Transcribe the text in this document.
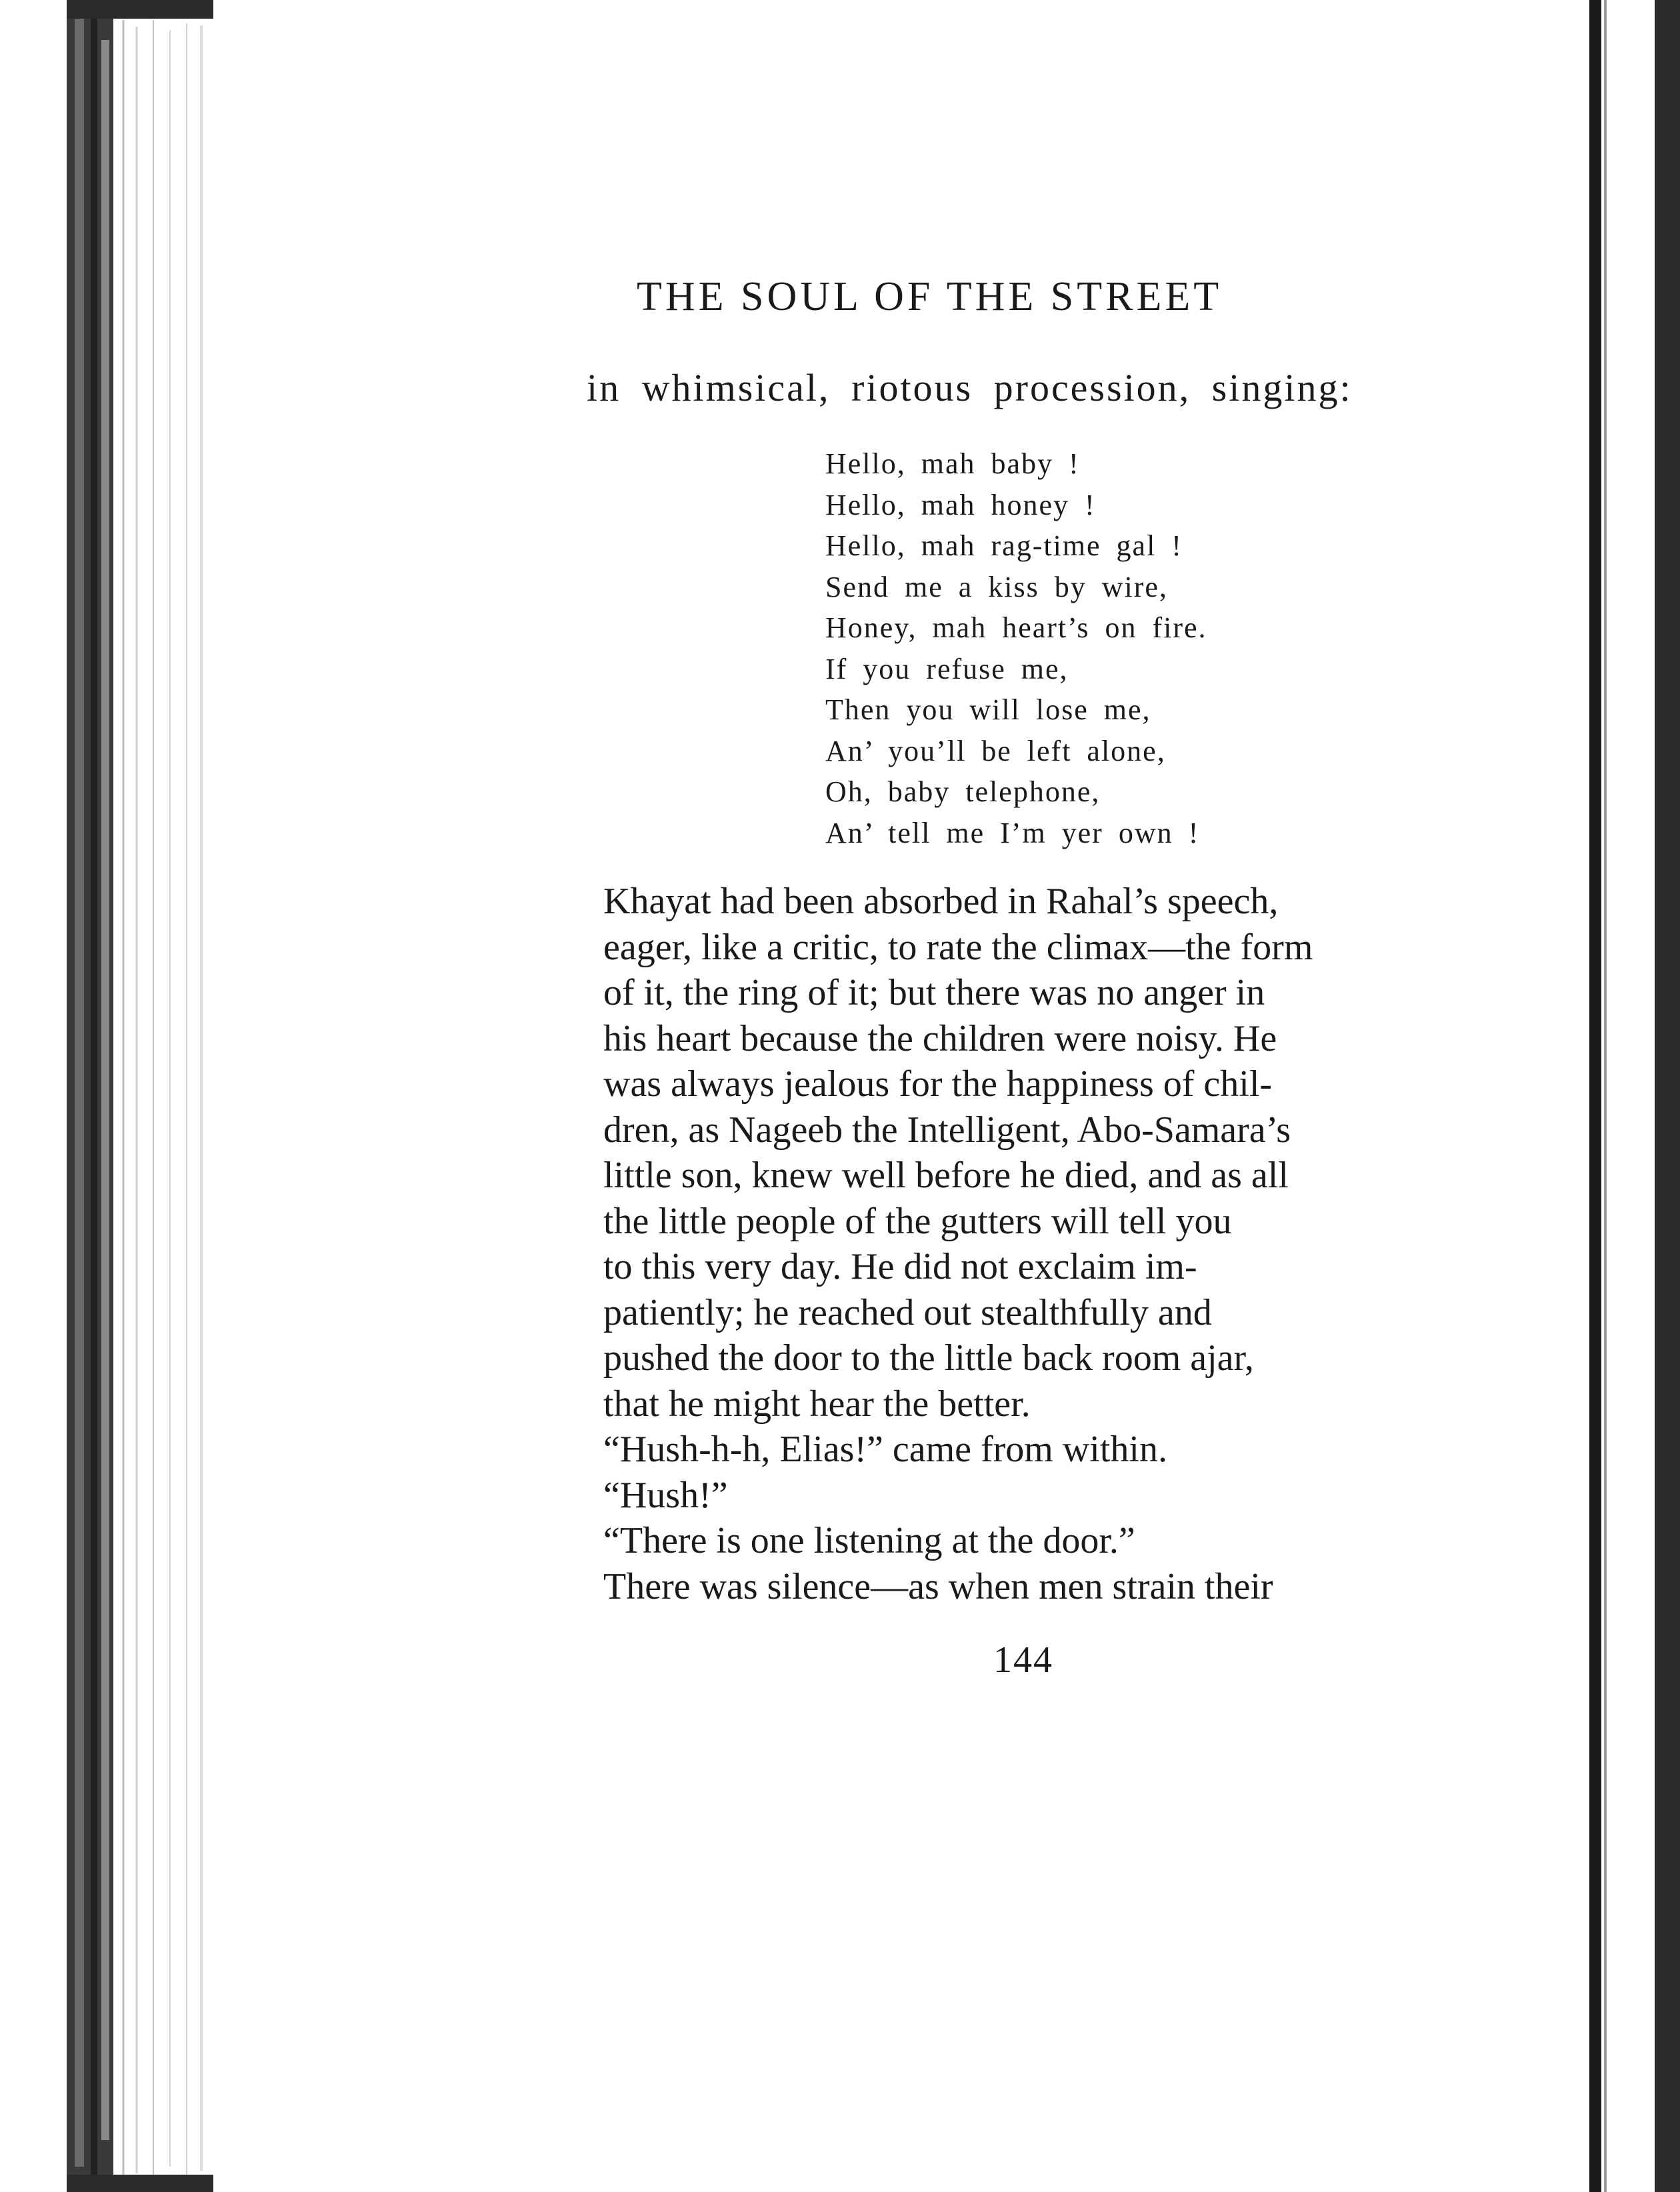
THE SOUL OF THE STREET
in whimsical, riotous procession, singing:
Hello, mah baby !
Hello, mah honey !
Hello, mah rag-time gal !
Send me a kiss by wire,
Honey, mah heart’s on fire.
If you refuse me,
Then you will lose me,
An’ you’ll be left alone,
Oh, baby telephone,
An’ tell me I’m yer own !
Khayat had been absorbed in Rahal’s speech,
eager, like a critic, to rate the climax—the form
of it, the ring of it; but there was no anger in
his heart because the children were noisy. He
was always jealous for the happiness of chil-
dren, as Nageeb the Intelligent, Abo-Samara’s
little son, knew well before he died, and as all
the little people of the gutters will tell you
to this very day. He did not exclaim im-
patiently; he reached out stealthfully and
pushed the door to the little back room ajar,
that he might hear the better.
“Hush-h-h, Elias!” came from within.
“Hush!”
“There is one listening at the door.”
There was silence—as when men strain their
144
